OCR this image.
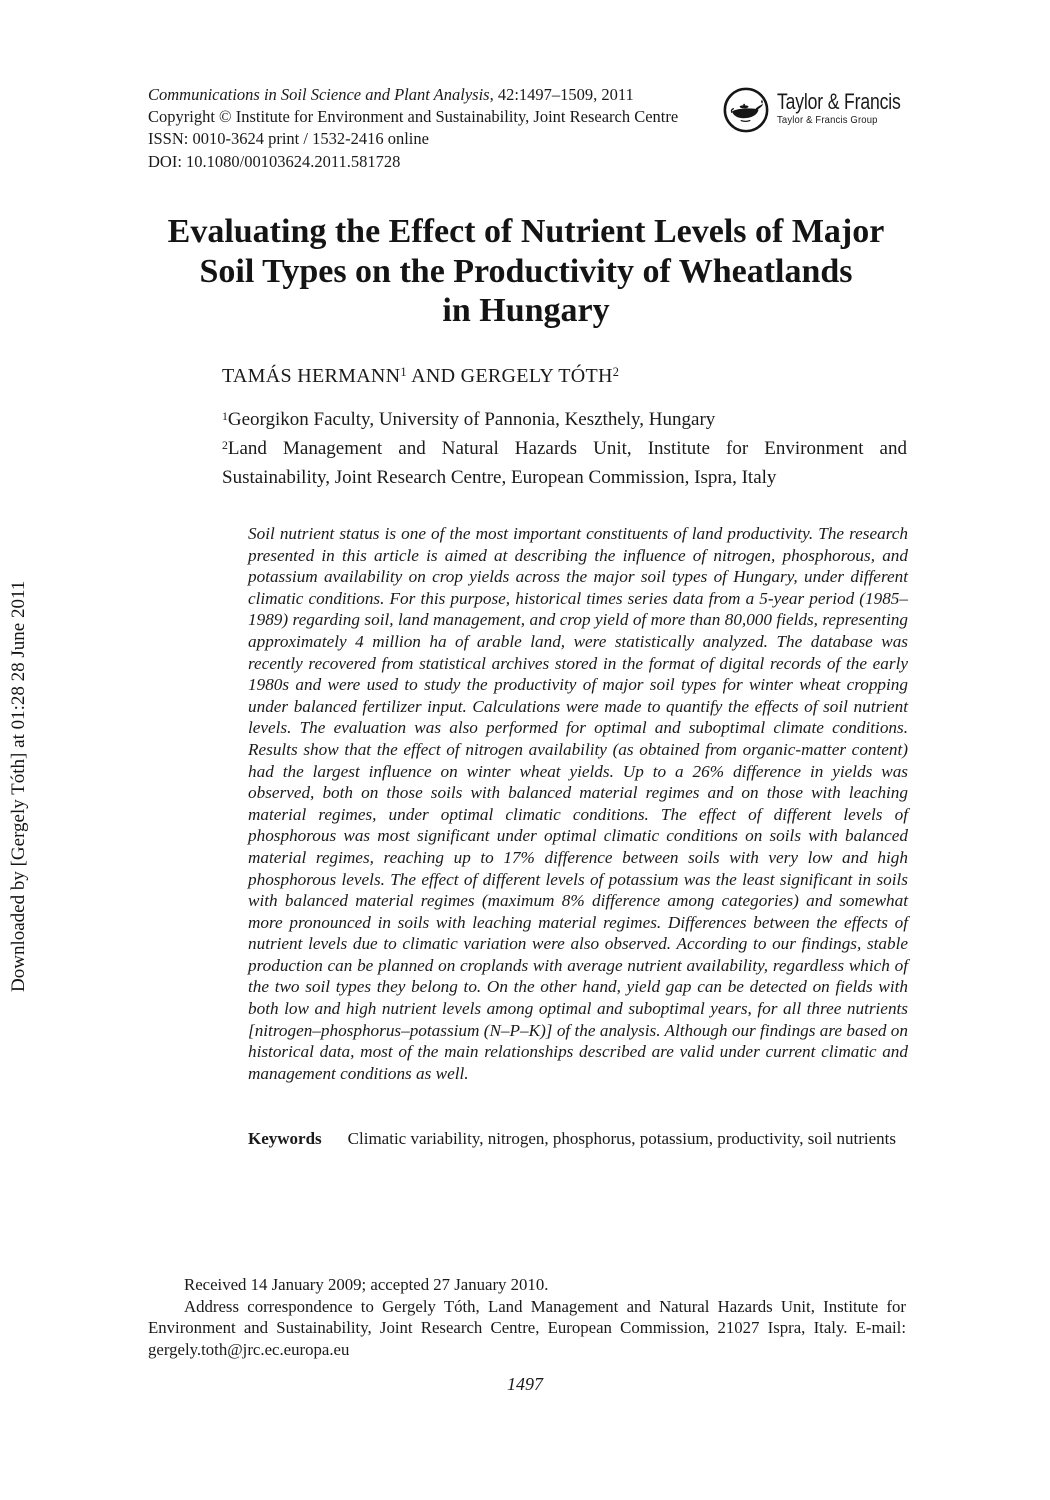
Downloaded by [Gergely Tóth] at 01:28 28 June 2011

Communications in Soil Science and Plant Analysis, 42:1497–1509, 2011

Copyright © Institute for Environment and Sustainability, Joint Research Centre

ISSN: 0010-3624 print / 1532-2416 online

DOI: 10.1080/00103624.2011.581728

Taylor & Francis
Taylor & Francis Group
Evaluating the Effect of Nutrient Levels of Major
Soil Types on the Productivity of Wheatlands
in Hungary
TAMÁS HERMANN$^1$ AND GERGELY TÓTH$^2$

$^1$Georgikon Faculty, University of Pannonia, Keszthely, Hungary

$^2$Land Management and Natural Hazards Unit, Institute for Environment and Sustainability, Joint Research Centre, European Commission, Ispra, Italy

Soil nutrient status is one of the most important constituents of land productivity. The research presented in this article is aimed at describing the influence of nitrogen, phosphorous, and potassium availability on crop yields across the major soil types of Hungary, under different climatic conditions. For this purpose, historical times series data from a 5-year period (1985–1989) regarding soil, land management, and crop yield of more than 80,000 fields, representing approximately 4 million ha of arable land, were statistically analyzed. The database was recently recovered from statistical archives stored in the format of digital records of the early 1980s and were used to study the productivity of major soil types for winter wheat cropping under balanced fertilizer input. Calculations were made to quantify the effects of soil nutrient levels. The evaluation was also performed for optimal and suboptimal climate conditions. Results show that the effect of nitrogen availability (as obtained from organic-matter content) had the largest influence on winter wheat yields. Up to a 26% difference in yields was observed, both on those soils with balanced material regimes and on those with leaching material regimes, under optimal climatic conditions. The effect of different levels of phosphorous was most significant under optimal climatic conditions on soils with balanced material regimes, reaching up to 17% difference between soils with very low and high phosphorous levels. The effect of different levels of potassium was the least significant in soils with balanced material regimes (maximum 8% difference among categories) and somewhat more pronounced in soils with leaching material regimes. Differences between the effects of nutrient levels due to climatic variation were also observed. According to our findings, stable production can be planned on croplands with average nutrient availability, regardless which of the two soil types they belong to. On the other hand, yield gap can be detected on fields with both low and high nutrient levels among optimal and suboptimal years, for all three nutrients [nitrogen–phosphorus–potassium (N–P–K)] of the analysis. Although our findings are based on historical data, most of the main relationships described are valid under current climatic and management conditions as well.

Keywords Climatic variability, nitrogen, phosphorus, potassium, productivity, soil nutrients

Received 14 January 2009; accepted 27 January 2010.

Address correspondence to Gergely Tóth, Land Management and Natural Hazards Unit, Institute for Environment and Sustainability, Joint Research Centre, European Commission, 21027 Ispra, Italy. E-mail: gergely.toth@jrc.ec.europa.eu

1497
